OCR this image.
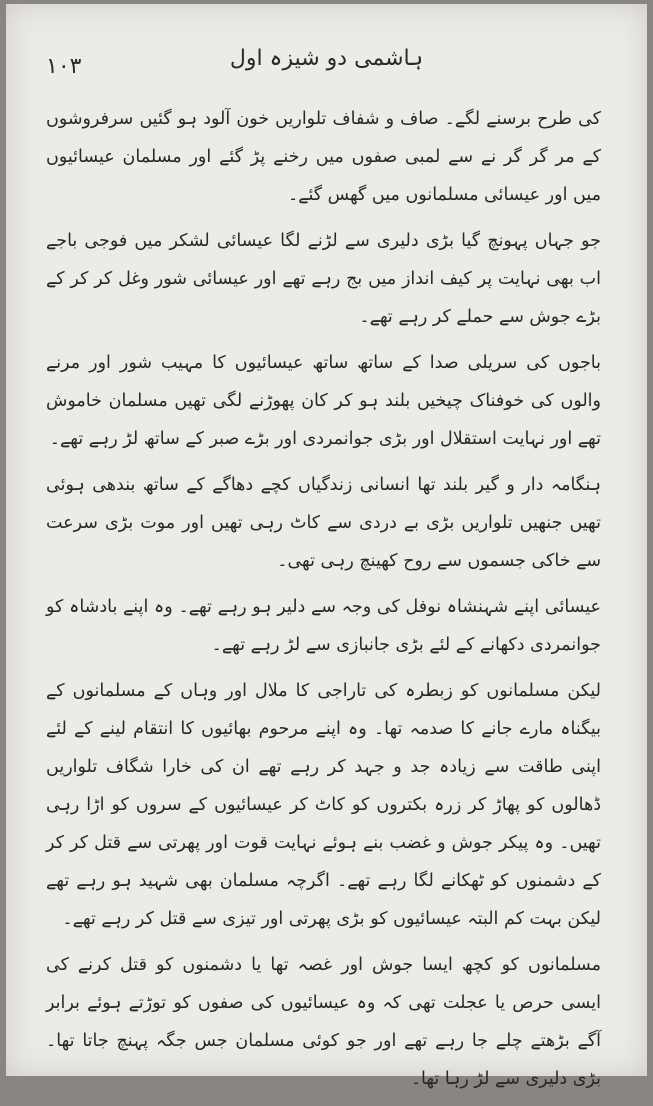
ہاشمی دو شیزہ اول
۱۰۳

کی طرح برسنے لگے۔ صاف و شفاف تلواریں خون آلود ہو گئیں سرفروشوں کے مر گر گر نے سے لمبی صفوں میں رخنے پڑ گئے اور مسلمان عیسائیوں میں اور عیسائی مسلمانوں میں گھس گئے۔

جو جہاں پہونچ گیا بڑی دلیری سے لڑنے لگا عیسائی لشکر میں فوجی باجے اب بھی نہایت پر کیف انداز میں بج رہے تھے اور عیسائی شور وغل کر کر کے بڑے جوش سے حملے کر رہے تھے۔

باجوں کی سریلی صدا کے ساتھ ساتھ عیسائیوں کا مہیب شور اور مرنے والوں کی خوفناک چیخیں بلند ہو کر کان پھوڑنے لگی تھیں مسلمان خاموش تھے اور نہایت استقلال اور بڑی جوانمردی اور بڑے صبر کے ساتھ لڑ رہے تھے۔

ہنگامہ دار و گیر بلند تھا انسانی زندگیاں کچے دھاگے کے ساتھ بندھی ہوئی تھیں جنھیں تلواریں بڑی بے دردی سے کاٹ رہی تھیں اور موت بڑی سرعت سے خاکی جسموں سے روح کھینچ رہی تھی۔

عیسائی اپنے شہنشاہ نوفل کی وجہ سے دلیر ہو رہے تھے۔ وہ اپنے بادشاہ کو جوانمردی دکھانے کے لئے بڑی جانبازی سے لڑ رہے تھے۔

لیکن مسلمانوں کو زبطرہ کی تاراجی کا ملال اور وہاں کے مسلمانوں کے بیگناہ مارے جانے کا صدمہ تھا۔ وہ اپنے مرحوم بھائیوں کا انتقام لینے کے لئے اپنی طاقت سے زیادہ جد و جہد کر رہے تھے ان کی خارا شگاف تلواریں ڈھالوں کو پھاڑ کر زرہ بکتروں کو کاٹ کر عیسائیوں کے سروں کو اڑا رہی تھیں۔ وہ پیکر جوش و غضب بنے ہوئے نہایت قوت اور پھرتی سے قتل کر کر کے دشمنوں کو ٹھکانے لگا رہے تھے۔ اگرچہ مسلمان بھی شہید ہو رہے تھے لیکن بہت کم البتہ عیسائیوں کو بڑی پھرتی اور تیزی سے قتل کر رہے تھے۔

مسلمانوں کو کچھ ایسا جوش اور غصہ تھا یا دشمنوں کو قتل کرنے کی ایسی حرص یا عجلت تھی کہ وہ عیسائیوں کی صفوں کو توڑتے ہوئے برابر آگے بڑھتے چلے جا رہے تھے اور جو کوئی مسلمان جس جگہ پہنچ جاتا تھا۔ بڑی دلیری سے لڑ رہا تھا۔
